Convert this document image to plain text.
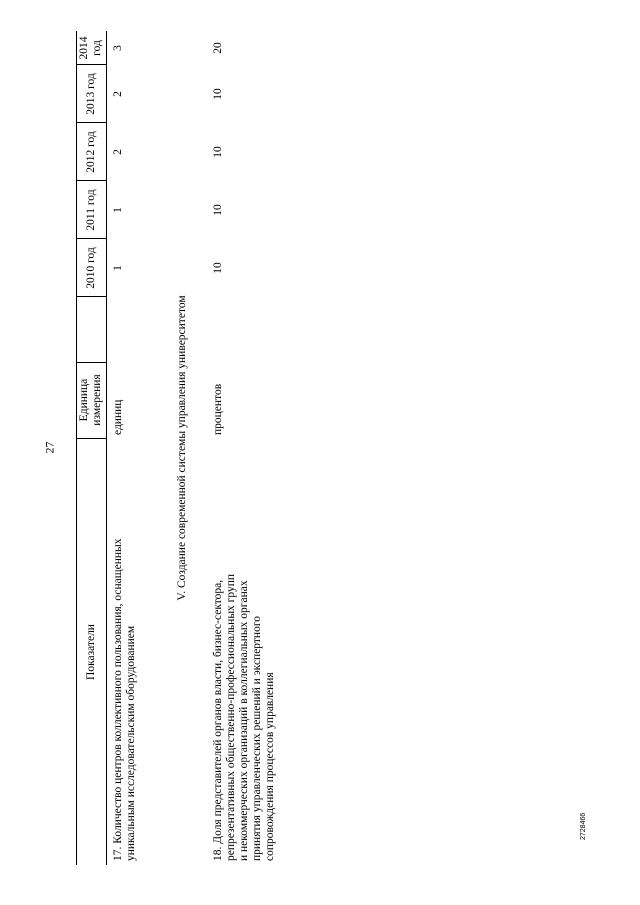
27
2728466
Показатели
Единица измерения
2010 год
2011 год
2012 год
2013 год
2014 год
17. Количество центров коллективного пользования, оснащенных уникальным исследовательским оборудованием
единиц
1
1
2
2
3
V. Создание современной системы управления университетом
18. Доля представителей органов власти, бизнес-сектора, репрезентативных общественно-профессиональных групп и некоммерческих организаций в коллегиальных органах принятия управленческих решений и экспертного сопровождения процессов управления
процентов
10
10
10
10
20
